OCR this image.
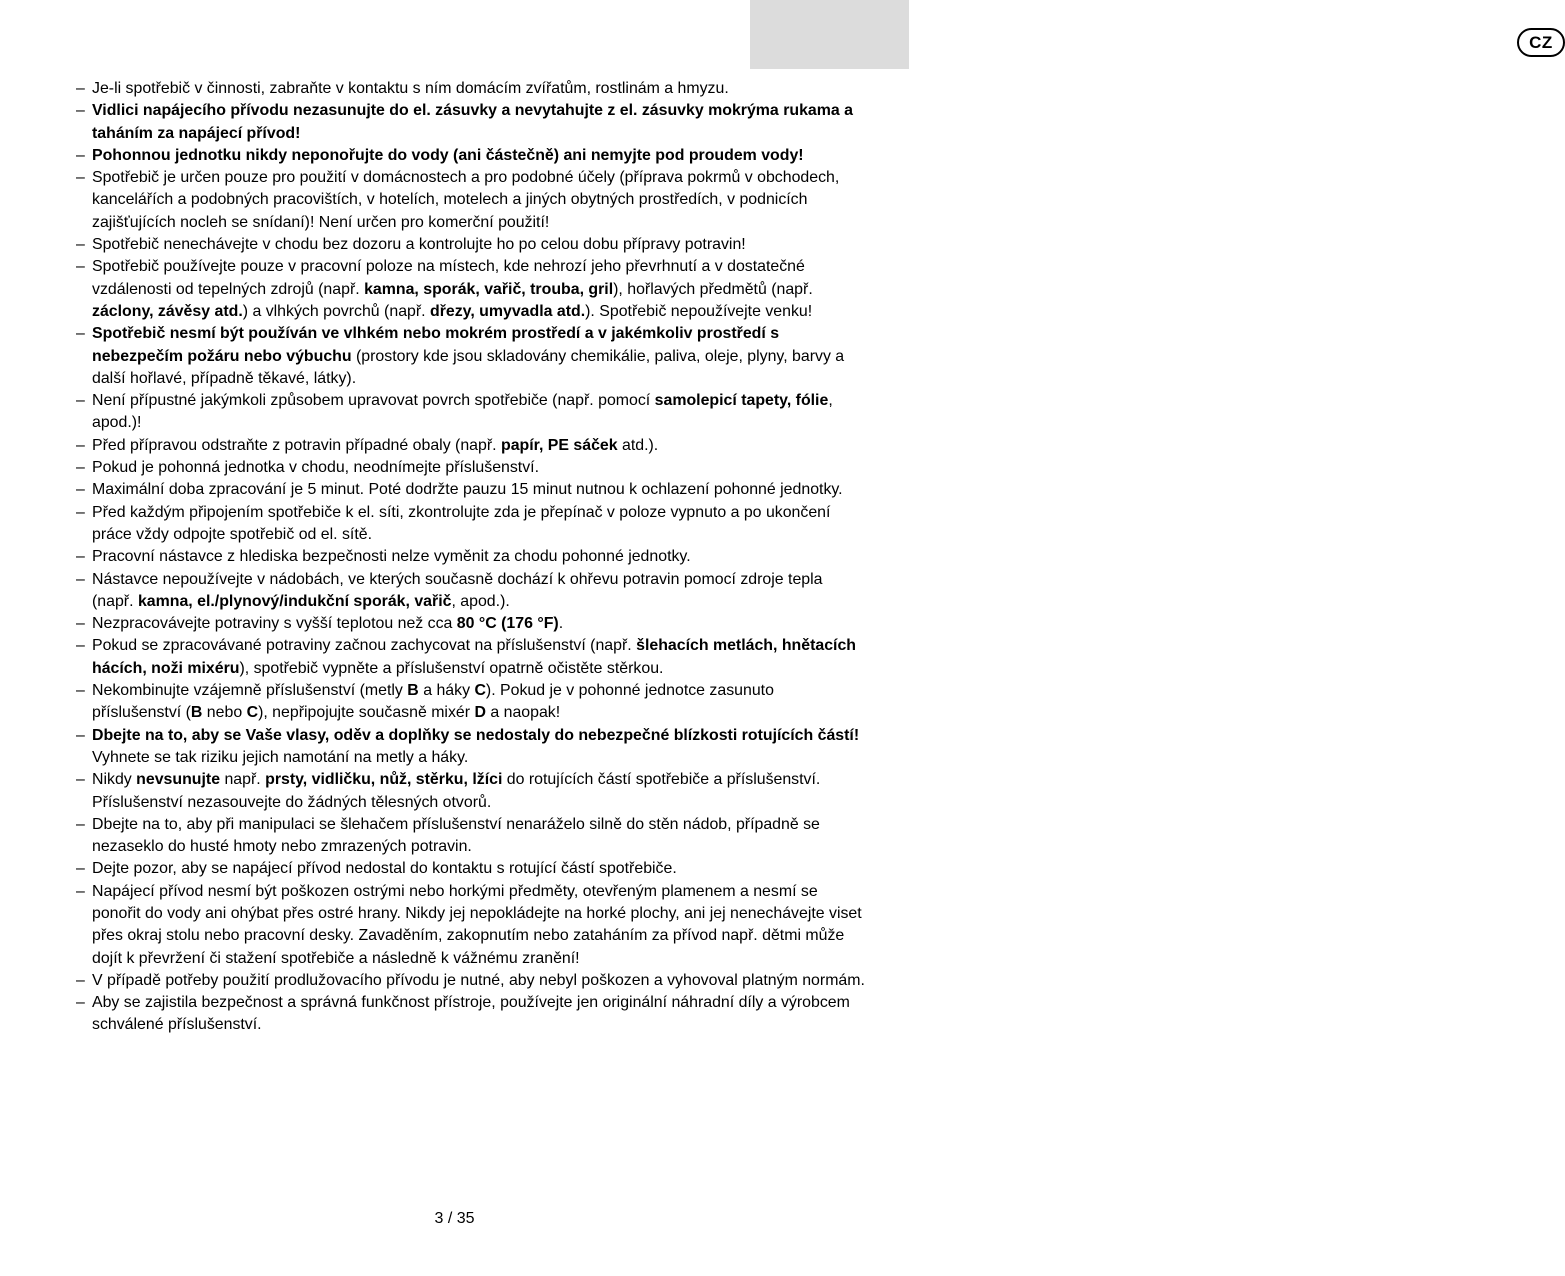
CZ
– Je-li spotřebič v činnosti, zabraňte v kontaktu s ním domácím zvířatům, rostlinám a hmyzu.
– Vidlici napájecího přívodu nezasunujte do el. zásuvky a nevytahujte z el. zásuvky mokrýma rukama a taháním za napájecí přívod!
– Pohonnou jednotku nikdy neponořujte do vody (ani částečně) ani nemyjte pod proudem vody!
– Spotřebič je určen pouze pro použití v domácnostech a pro podobné účely (příprava pokrmů v obchodech, kancelářích a podobných pracovištích, v hotelích, motelech a jiných obytných prostředích, v podnicích zajišťujících nocleh se snídaní)! Není určen pro komerční použití!
– Spotřebič nenechávejte v chodu bez dozoru a kontrolujte ho po celou dobu přípravy potravin!
– Spotřebič používejte pouze v pracovní poloze na místech, kde nehrozí jeho převrhnutí a v dostatečné vzdálenosti od tepelných zdrojů (např. kamna, sporák, vařič, trouba, gril), hořlavých předmětů (např. záclony, závěsy atd.) a vlhkých povrchů (např. dřezy, umyvadla atd.). Spotřebič nepoužívejte venku!
– Spotřebič nesmí být používán ve vlhkém nebo mokrém prostředí a v jakémkoliv prostředí s nebezpečím požáru nebo výbuchu (prostory kde jsou skladovány chemikálie, paliva, oleje, plyny, barvy a další hořlavé, případně těkavé, látky).
– Není přípustné jakýmkoli způsobem upravovat povrch spotřebiče (např. pomocí samolepicí tapety, fólie, apod.)!
– Před přípravou odstraňte z potravin případné obaly (např. papír, PE sáček atd.).
– Pokud je pohonná jednotka v chodu, neodnímejte příslušenství.
– Maximální doba zpracování je 5 minut. Poté dodržte pauzu 15 minut nutnou k ochlazení pohonné jednotky.
– Před každým připojením spotřebiče k el. síti, zkontrolujte zda je přepínač v poloze vypnuto a po ukončení práce vždy odpojte spotřebič od el. sítě.
– Pracovní nástavce z hlediska bezpečnosti nelze vyměnit za chodu pohonné jednotky.
– Nástavce nepoužívejte v nádobách, ve kterých současně dochází k ohřevu potravin pomocí zdroje tepla (např. kamna, el./plynový/indukční sporák, vařič, apod.).
– Nezpracovávejte potraviny s vyšší teplotou než cca 80 °C (176 °F).
– Pokud se zpracovávané potraviny začnou zachycovat na příslušenství (např. šlehacích metlách, hnětacích hácích, noži mixéru), spotřebič vypněte a příslušenství opatrně očistěte stěrkou.
– Nekombinujte vzájemně příslušenství (metly B a háky C). Pokud je v pohonné jednotce zasunuto příslušenství (B nebo C), nepřipojujte současně mixér D a naopak!
– Dbejte na to, aby se Vaše vlasy, oděv a doplňky se nedostaly do nebezpečné blízkosti rotujících částí! Vyhnete se tak riziku jejich namotání na metly a háky.
– Nikdy nevsunujte např. prsty, vidličku, nůž, stěrku, lžíci do rotujících částí spotřebiče a příslušenství. Příslušenství nezasouvejte do žádných tělesných otvorů.
– Dbejte na to, aby při manipulaci se šlehačem příslušenství nenaráželo silně do stěn nádob, případně se nezaseklo do husté hmoty nebo zmrazených potravin.
– Dejte pozor, aby se napájecí přívod nedostal do kontaktu s rotující částí spotřebiče.
– Napájecí přívod nesmí být poškozen ostrými nebo horkými předměty, otevřeným plamenem a nesmí se ponořit do vody ani ohýbat přes ostré hrany. Nikdy jej nepokládejte na horké plochy, ani jej nenechávejte viset přes okraj stolu nebo pracovní desky. Zavaděním, zakopnutím nebo zataháním za přívod např. dětmi může dojít k převržení či stažení spotřebiče a následně k vážnému zranění!
– V případě potřeby použití prodlužovacího přívodu je nutné, aby nebyl poškozen a vyhovoval platným normám.
– Aby se zajistila bezpečnost a správná funkčnost přístroje, používejte jen originální náhradní díly a výrobcem schválené příslušenství.
3 / 35
